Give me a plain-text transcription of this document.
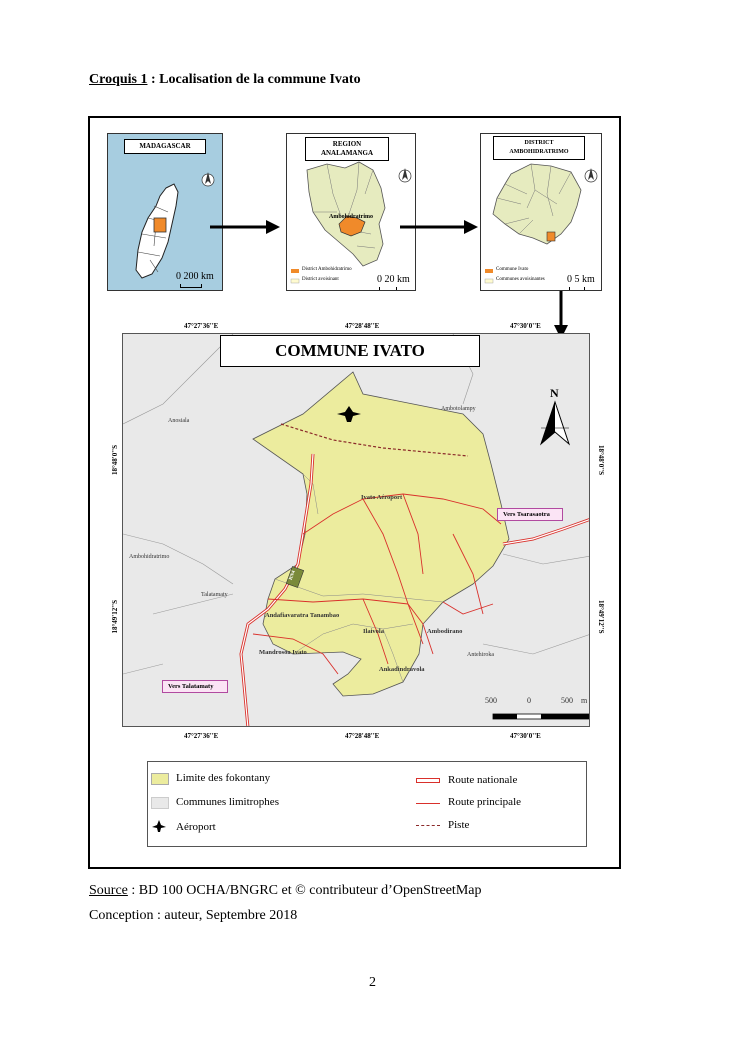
Croquis 1 : Localisation de la commune Ivato
MADAGASCAR
0 200 km
REGION
ANALAMANGA
Ambohidratrimo
District Ambohidratrimo
District avoisinant	0 20 km
DISTRICT
AMBOHIDRATRIMO
Commune Ivato
Communes avoisinantes 0 5 km
47°27'36''E	47°28'48''E	47°30'0''E
47°27'36''E	47°28'48''E	47°30'0''E
18°48'0''S
18°49'12''S
18°48'0''S
18°49'12''S
Anosiala
Ambotolampy
Ivato Aéroport
Ambohidratrimo
Talatamaty
Andafiavaratra Tanambao
Ilaivola	Ambodirano
Antehiroka
Mandrosoa Ivato
Ankadindravola
RN4
500	0	500 m
N
COMMUNE IVATO
Vers Tsarasaotra
Vers Talatamaty
Limite des fokontany
Communes limitrophes
Aéroport
Route nationale
Route principale
Piste
Source : BD 100 OCHA/BNGRC et © contributeur d’OpenStreetMap
Conception : auteur, Septembre 2018
2
